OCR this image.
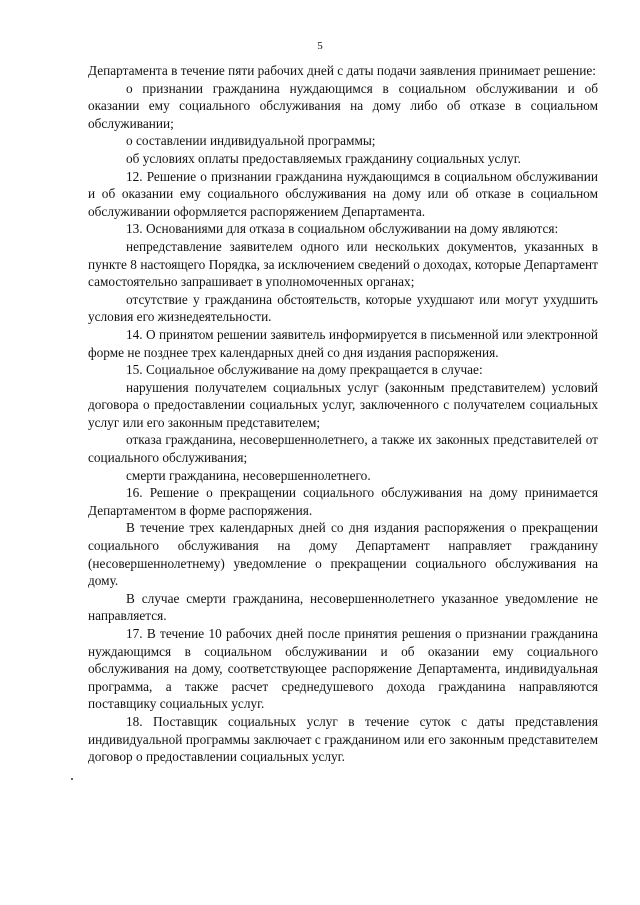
5

Департамента в течение пяти рабочих дней с даты подачи заявления принимает решение:

о признании гражданина нуждающимся в социальном обслуживании и об оказании ему социального обслуживания на дому либо об отказе в социальном обслуживании;

о составлении индивидуальной программы;

об условиях оплаты предоставляемых гражданину социальных услуг.

12. Решение о признании гражданина нуждающимся в социальном обслуживании и об оказании ему социального обслуживания на дому или об отказе в социальном обслуживании оформляется распоряжением Департамента.

13. Основаниями для отказа в социальном обслуживании на дому являются:

непредставление заявителем одного или нескольких документов, указанных в пункте 8 настоящего Порядка, за исключением сведений о доходах, которые Департамент самостоятельно запрашивает в уполномоченных органах;

отсутствие у гражданина обстоятельств, которые ухудшают или могут ухудшить условия его жизнедеятельности.

14. О принятом решении заявитель информируется в письменной или электронной форме не позднее трех календарных дней со дня издания распоряжения.

15. Социальное обслуживание на дому прекращается в случае:

нарушения получателем социальных услуг (законным представителем) условий договора о предоставлении социальных услуг, заключенного с получателем социальных услуг или его законным представителем;

отказа гражданина, несовершеннолетнего, а также их законных представителей от социального обслуживания;

смерти гражданина, несовершеннолетнего.

16. Решение о прекращении социального обслуживания на дому принимается Департаментом в форме распоряжения.

В течение трех календарных дней со дня издания распоряжения о прекращении социального обслуживания на дому Департамент направляет гражданину (несовершеннолетнему) уведомление о прекращении социального обслуживания на дому.

В случае смерти гражданина, несовершеннолетнего указанное уведомление не направляется.

17. В течение 10 рабочих дней после принятия решения о признании гражданина нуждающимся в социальном обслуживании и об оказании ему социального обслуживания на дому, соответствующее распоряжение Департамента, индивидуальная программа, а также расчет среднедушевого дохода гражданина направляются поставщику социальных услуг.

18. Поставщик социальных услуг в течение суток с даты представления индивидуальной программы заключает с гражданином или его законным представителем договор о предоставлении социальных услуг.
